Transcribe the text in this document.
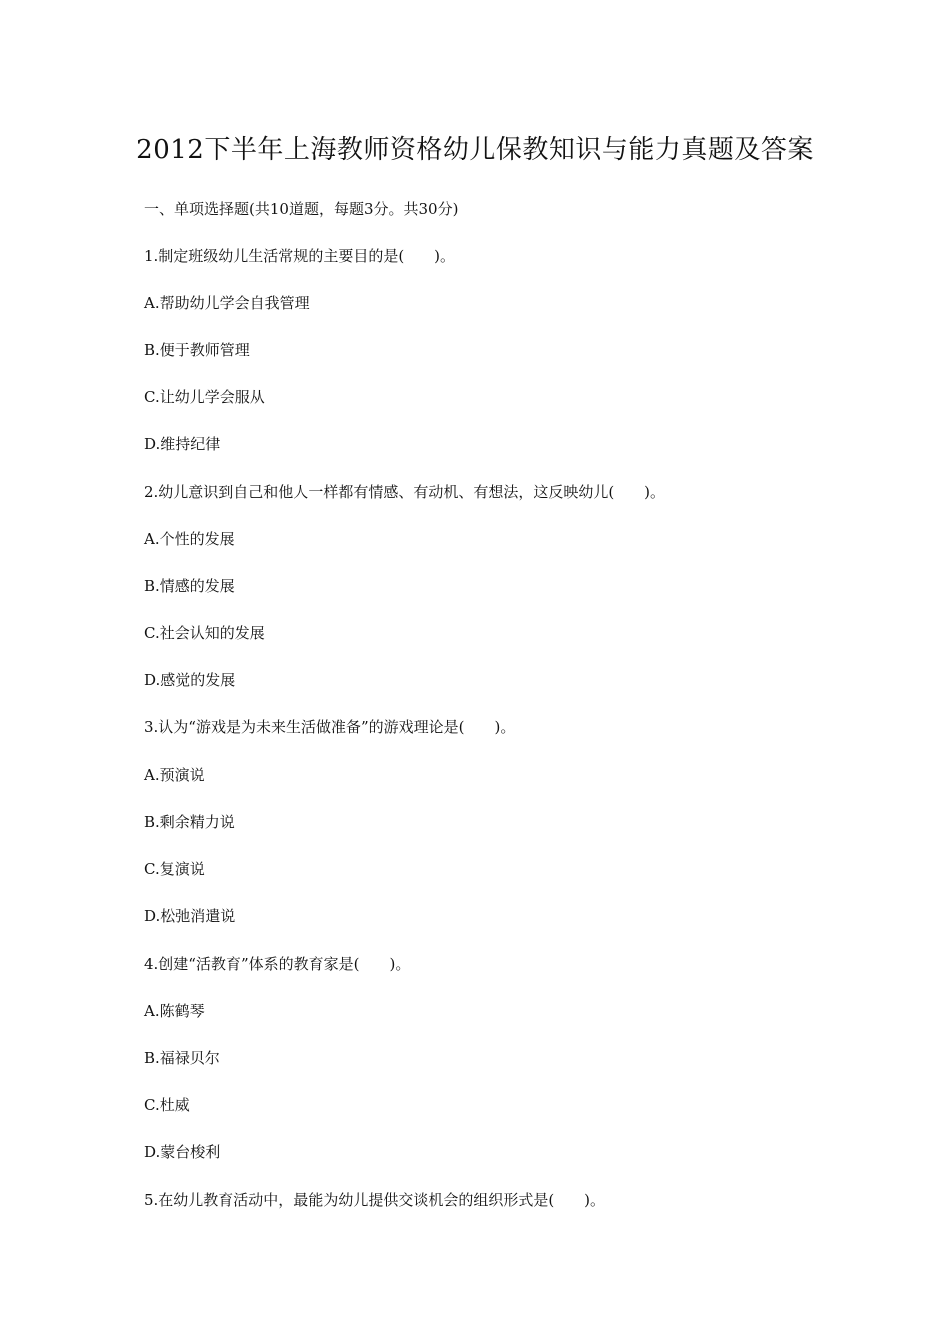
2012下半年上海教师资格幼儿保教知识与能力真题及答案
一、单项选择题(共10道题，每题3分。共30分)
1.制定班级幼儿生活常规的主要目的是(　　)。
A.帮助幼儿学会自我管理
B.便于教师管理
C.让幼儿学会服从
D.维持纪律
2.幼儿意识到自己和他人一样都有情感、有动机、有想法，这反映幼儿(　　)。
A.个性的发展
B.情感的发展
C.社会认知的发展
D.感觉的发展
3.认为“游戏是为未来生活做准备”的游戏理论是(　　)。
A.预演说
B.剩余精力说
C.复演说
D.松弛消遣说
4.创建“活教育”体系的教育家是(　　)。
A.陈鹤琴
B.福禄贝尔
C.杜威
D.蒙台梭利
5.在幼儿教育活动中，最能为幼儿提供交谈机会的组织形式是(　　)。
